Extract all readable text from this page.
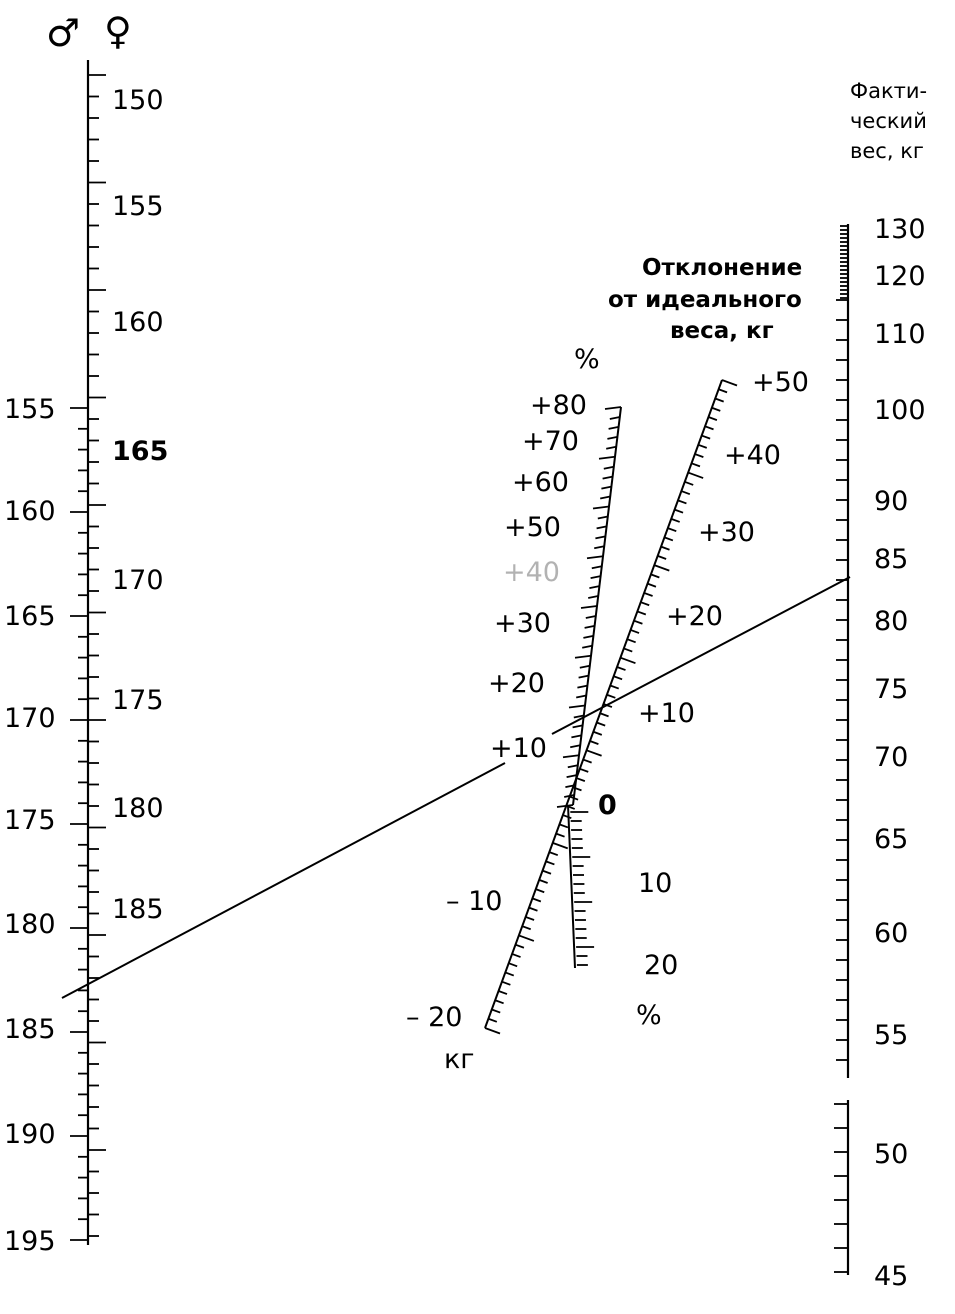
♂ ♀
150
155
160
165
170
175
180
185
155
160
165
170
175
180
185
190
195
Факти-
ческий
вес, кг
130
120
110
100
90
85
80
75
70
65
60
55
50
45
Отклонение
от идеального
веса, кг
+50
+40
+30
+20
+10
0
– 10
– 20
кг
%
+80
+70
+60
+50
+40
+30
+20
+10
10
20
%
